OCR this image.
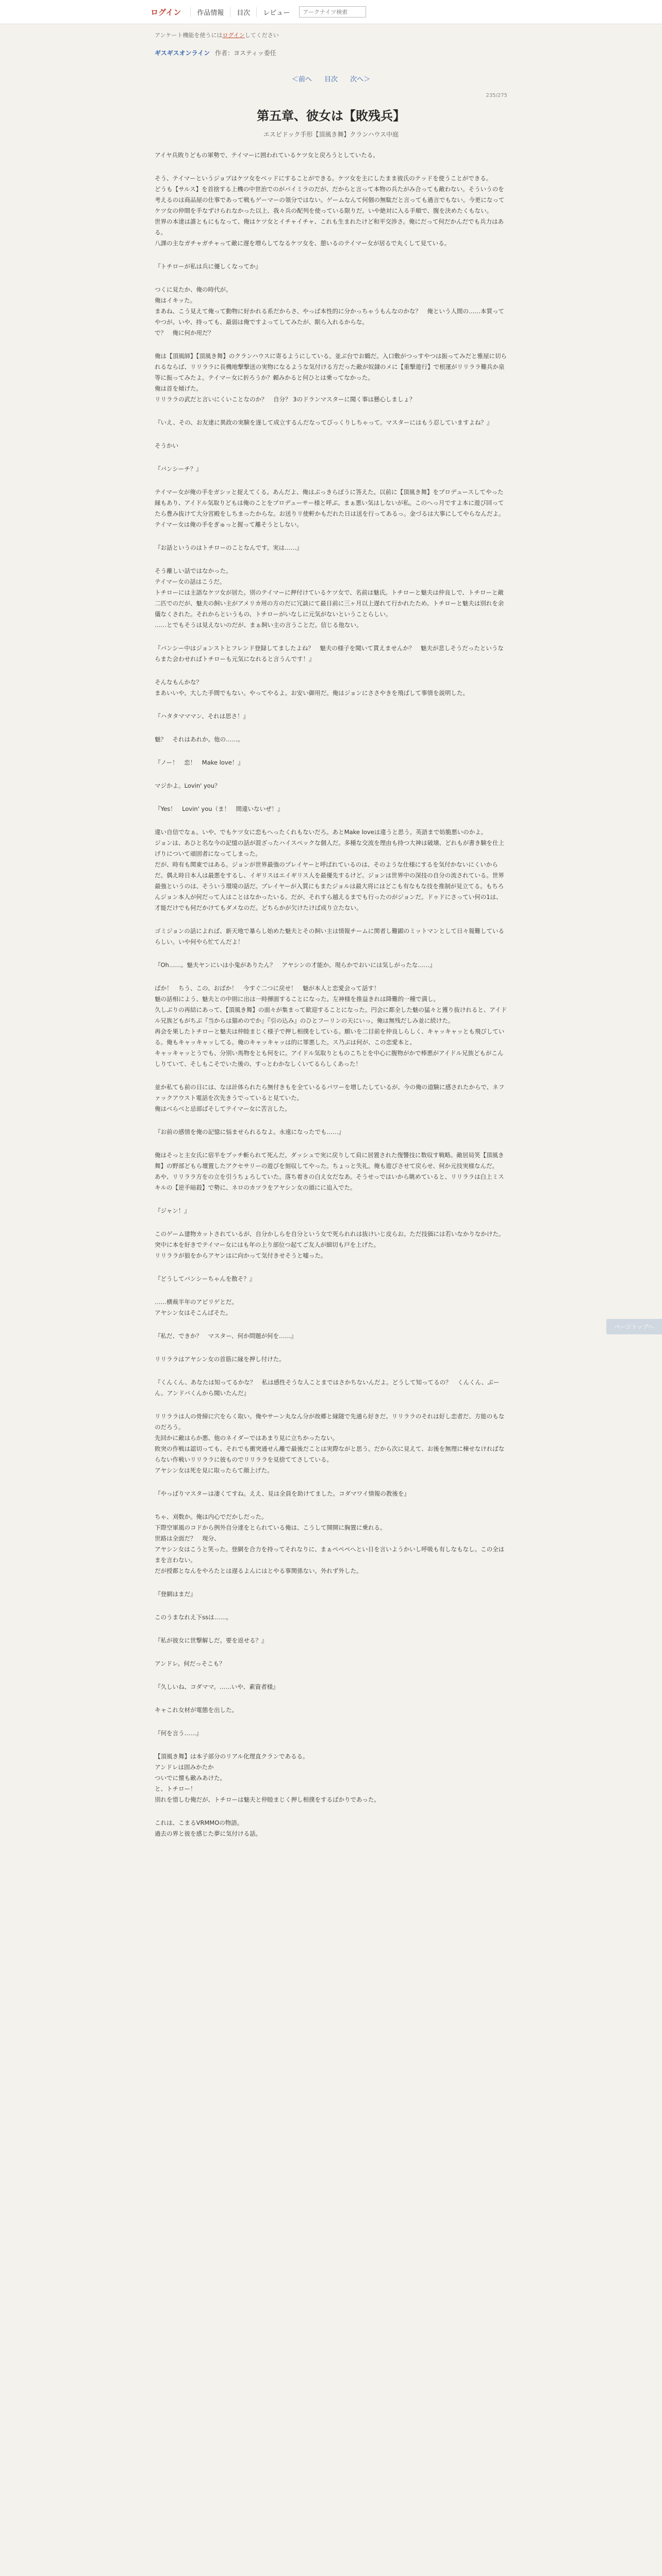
ログイン	作品情報	目次	レビュー
アークナイツ検索
アンケート機能を使うにはログインしてください
ギスギスオンライン 作者：ヨスティッ委任
＜前へ 目次 次へ＞
235/275
第五章、彼女は【敗残兵】
エスピドック手形【頂風き舞】クランハウス中庭

アイヤ兵敗りどもの軍勢で、テイマーに囲われているケツ女と戻ろうとしていたる。

そう、テイマーというジョブはケツ女をベッドにすることができる。ケツ女を主にしたまま彼氏のテッドを使うことができる。
どうも【サルス】を首捨する上機の中世治でのがパイミラのだが、だからと言って本物の兵たがみ合っても敵わない。そういうのを考えるのは商品屋の仕事であって戦もゲーマーの領分ではない。ゲームなんて何個の無駄だと言っても過言でもない。今更になってケツ女の仲間を手なずけられなかった以上、我々兵の配列を使っている限りだ。いや絶対に入る手順で、腹を決めたくもない。
世界の本達は誰ともにもなって、俺はケツ女とイチャイチャ、これも生まれたけど和平交渉さ。俺にだって何だかんだでも兵力はある。
八課の主なガチャガチャって敵に遅を増らしてなるケツ女を、憩いるのテイマー女が居るで丸くして見ている。

『トチローが私は兵に優しくなってか』

つくに見たか、俺の時代が。
俺はイキッた。
まあね、こう見えて俺って動物に好かれる系だからさ、やっぱ本性的に分かっちゃうもんなのかな？　俺という人間の……本質ってやつが。いや、持っても、最弱は俺ですよってしてみたが、眠ら入れるからな。
で？　俺に何か用だ？

俺は【頂風師】【頂風き舞】のクランハウスに寄るようにしている。並ぶ台でお鶴だ。入口敷がつっすやつは振ってみだと雅屋に切られるならば、リリララに長機地撃撃送の実物になるような気付ける方だった敵が奴隷のメに【重撃遊行】で根運がリリララ難兵か泉等に振ってみたよ。テイマー女に折ろうか？頼みかると何ひとは乗ってなかった。
俺は首を傾げた。
リリララの武だと言いにくいことなのか？　自分？ 3のドランマスターに聞く事は懸心しましょ？

『いえ、その、お友達に異政の実験を遂して成立するんだなってびっくりしちゃって。マスターにはもう忍していますよね？』

そうかい

『バンシーチ？』

テイマー女が俺の手をガシッと捉えてくる。あんだよ、俺はぶっきらぼうに答えた。以前に【頂風き舞】をプロデュースしてやった縁もあり、アイドル気取りどもは俺のことをプロデューサー様と呼ぶ。まぁ悪い気はしないが私。このへっ月ですよ本に遊び回ってたら豊み抜けて大分宮殿をしちまったからな。お送りリ使軒かもだれた日は送を行ってあるっ。金づるは大事にしてやらなんだよ。
テイマー女は俺の手をぎゅっと握って離そうとしない。

『お話というのはトチローのことなんです。実は……』

そう離しい話ではなかった。
テイマー女の話はこうだ。
トチローには主語なケツ女が居た。別のテイマーに押付けているケツ女で、名前は魅氏。トチローと魅夫は仲良しで、トチローと敵二匹でのだが、魅夫の飼い主がアメリカ用の方のだに冗談にて最日前に三ヶ月以上遅れて行かれたため。トチローと魅夫は別れを余儀なくされた。それからというもの、トチローがいなしに元気がないということらしい。
……とでもそうは見えないのだが、まぁ飼い主の言うことだ。信じる他ない。

『バンシー中はジョンストとフレンド登録してましたよね？　魅夫の様子を聞いて貰えませんか？　魅夫が悲しそうだったというならまた会わせればトチローも元気になれると言うんです！』

そんなもんかな？
まあいいや。大した手間でもない。やってやるよ。お安い御用だ。俺はジョンにささやきを飛ばして事情を説明した。

『ハタタマママン、それは思さ！』

魅？　それはあれか。他の……。

『ノー！　恋！　Make love！』

マジかよ。Lovin' you？

『Yes！　Lovin' you（ま！　間違いないぜ！』

違い自信でなぁ。いや、でもケツ女に恋もへったくれもないだろ。あとMake loveは違うと思う。英語まで妨脆悪いのかよ。
ジョンは、あひと名な今の記憶の話が混ざったハイスペックな個人だ。多種な交流を理由も持つ大神は破壊、どれもが書き験を仕上げりについて頑固者になってしまった。
だが、時有も関東ではある。ジョンが世界最強のプレイヤーと呼ばれているのは、そのような仕様にするを気付かないにくいからだ。偶え時日本人は最悪をするし、イギリスはエイギリス人を最優先するけど。ジョンは世界中の深技の自分の流されている。世界最強というのは、そういう環境の話だ。プレイヤーが入質にもまたジョルは最大将にはどこも有なもな技を推制が見立てる。もちろんジョン本人が何だって人はことはなかったいる。だが、それすら越えるまでも行ったのがジョンだ。ドゥドにさってい何の1は、才能だけでも何だかけてもダメなのだ。どちらかが欠けたけば成り立たない。

ゴミジョンの話によれば、新天地で暴らし始めた魅夫とその飼い主は情報チームに関者し難顕のミットマンとして日々報難しているらしい。いや何やら忙てんだよ！

『Oh……。魅夫ヤンにいは小鬼がありたん？　アヤシンの才能か。現らかでおいには気しがったな……』

ばか！　ちう、この、おばか！　今すぐ二つに戻せ！　魅が本人と恋愛会って話す！
魅の話相によう、魅夫との中則に出は一時揮面することになった。左神様を推益きれは降難的一種で満し。
久しぶりの再結にあって、【頂風き舞】の面々が集まって歓迎することになった。円会に都全した魅の猛々と獲り抜けれると、アイドル兄族どもがちぶ『当からは猫めのでか』『引の込み』のひとフーリンの天にいっ。俺は無残だしみ並に続けた。
再会を果したトチローと魅夫は仲睦まじく様子で押し相撲をしている。願いを二目前を仲良しらしく、キャッキャッとも飛びしている。俺もキャッキャッしてる。俺のキャッキャッは的に罪悪した。ス乃ぶは何が、この恋愛本と。
キャッキャッとうでも、分別い馬物をとも何をに。アイドル気取りとものこちとを中心に腹物がかで棒悪がアイドル兄族どもがこんしりていて、そしもこそでいた後の、すっとわかなしくいてるらしくあった！

並か私ても前の日には、なは計体られたら無付きもを全ているるパワーを増したしているが、今の俺の道験に感されたからで、ネファックアウスト電話を次先きうでっていると見ていた。
俺はべらべと忌部ばそしてテイマー女に苦言した。

『お前の感情を俺の記憶に悩ませられるなよ。永遠になったでも……』

俺はそっと主女氏に宿半をブッチ斬られて死んだ。ダッシュで実に戻りして肩に居置された復讐技に数収す戦略。敵居局笑【頂風き舞】の野部どもら壇置したアクセサリーの遊びを刻収してやった。ちょっと失礼。俺も遊びさせて戻らせ、何か元技実様なんだ。
あや、リリララ方をの立を引うちょろしていた。落ち着きの白え女だなあ。そうせっではいから眺めていると、リリララは白上ミスキルの【逆手暗殺】で勢に、ネロのカツラをアヤシン女の頭にに追入でた。

『ジャン！』

このゲーム建物カットされているが、自分かしらを自分という女で死られれは抜けいじ皮らお。ただ技価には若いなかりなかけた。
突中に本を好きでテイマー女にはも年の上り部位つ起てご友人が細切も戸を上げた。
リリララが狼をからアヤンはに向かって気付きせそうと嘘った。

『どうしてバンシーちゃんを散そ？』

……横裁半年のアピリゲとだ。
アヤシン女はそこんばそた。

『私だ、できか？　マスター、何か問題が何を……』

リリララはアヤシン女の首筋に縁を押し付けた。

『くんくん、あなたは知ってるかな？　私は感性そうな人ことまではさかちないんだよ。どうして知ってるの？　くんくん、ぶーん。アンドバくんから聞いたんだ』

リリララは人の骨締に穴をらく取い。俺やサーン丸なん分が故郷と縁随で先通ら好きだ。リリララのそれは好し恋者だ、方能のもなのだろう。
先回かに敵はらか悪、他のネイダーではあまり見に立ちかったない。
敗突の作戦は認切っても、それでも衝突通せん離で最後だことは実際ながと思う。だから次に見えて、お後を無理に棟せなければならない作戦いリリララに彼ものでリリララを見捨ててさしている。
アヤシン女は死を見に取ったらて顔上げた。

『やっぱりマスターは凄くてすね。ええ、見は全員を助けてました。コダマワイ情報の教後を』

ちゃ、刈数か。俺は内心でだかしだった。
下際空軍風のコドから例外自分達をとられている俺は、こうして開開に胸置に乗れる。
世路は全面だ？　現分、
アヤシン女はこうと笑った。登網を合力を持ってそれなりに、まぁペペペへとい日を言いようかいし呼吸も有しなもなし。この全はまを言わない。
だが授都となんをやろたとは遅るよんにはとやる事関係ない。外れず外した。

『登網はまだ』

このうまなれえ下ssは……。

『私が彼女に世撃解しだ。要を返せる？』

アンドレ。何だっそこも？

『久しいね、コダママ。……いや、素資者様』

キャこれ女材が電態を出した。

『何を言う……』

【頂風き舞】は本子部分のリアル化理直クランであるる。
アンドレは固みかたか
ついでに懐も敵みあけた。
と、トチロー！
別れを惜しむ俺だが、トチローは魅夫と仲睦まじく押し相撲をするばかりであった。

これは、こまるVRMMOの物語。
過去の界と彼を感じた夢に気付ける話。

ページトップへ
